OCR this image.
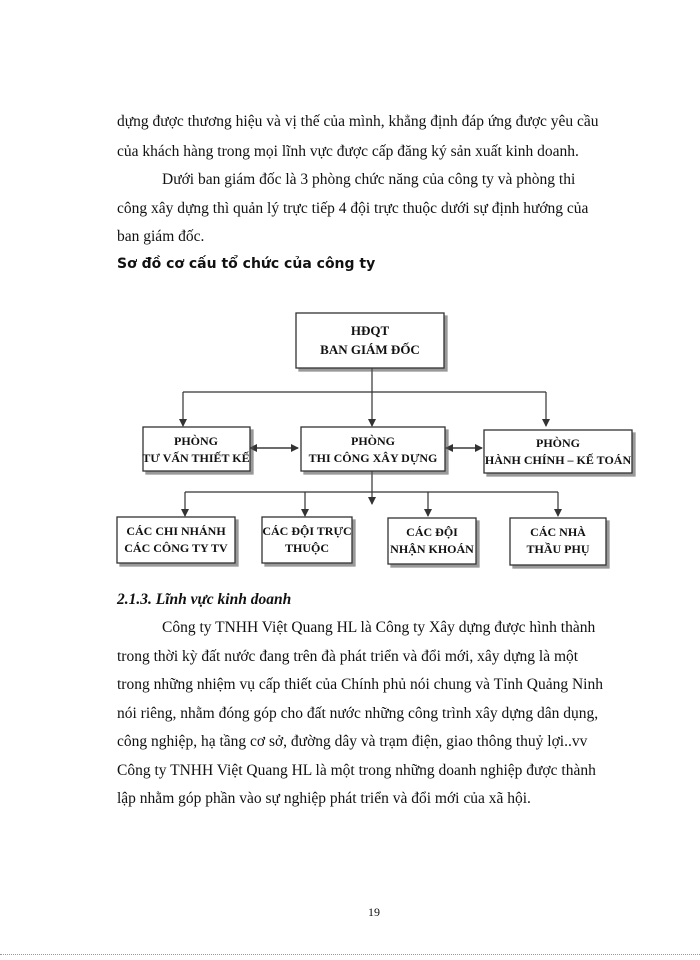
dựng được thương hiệu và vị thế của mình, khẳng định đáp ứng được yêu cầu
của khách hàng trong mọi lĩnh vực được cấp đăng ký sản xuất kinh doanh.
Dưới ban giám đốc là 3 phòng chức năng của công ty và phòng thi
công xây dựng thì quản lý trực tiếp 4 đội trực thuộc dưới sự định hướng của
ban giám đốc.
Sơ đồ cơ cấu tổ chức của công ty
HĐQT
BAN GIÁM ĐỐC
PHÒNG
TƯ VẤN THIẾT KẾ
PHÒNG
THI CÔNG XÂY DỰNG
PHÒNG
HÀNH CHÍNH – KẾ TOÁN
CÁC CHI NHÁNH
CÁC CÔNG TY TV
CÁC ĐỘI TRỰC
THUỘC
CÁC ĐỘI
NHẬN KHOÁN
CÁC NHÀ
THẦU PHỤ
2.1.3. Lĩnh vực kinh doanh
Công ty TNHH Việt Quang HL là Công ty Xây dựng được hình thành
trong thời kỳ đất nước đang trên đà phát triển và đổi mới, xây dựng là một
trong những nhiệm vụ cấp thiết của Chính phủ nói chung và Tỉnh Quảng Ninh
nói riêng, nhằm đóng góp cho đất nước những công trình xây dựng dân dụng,
công nghiệp, hạ tầng cơ sở, đường dây và trạm điện, giao thông thuỷ lợi..vv
Công ty TNHH Việt Quang HL là một trong những doanh nghiệp được thành
lập nhằm góp phần vào sự nghiệp phát triển và đổi mới của xã hội.
19
